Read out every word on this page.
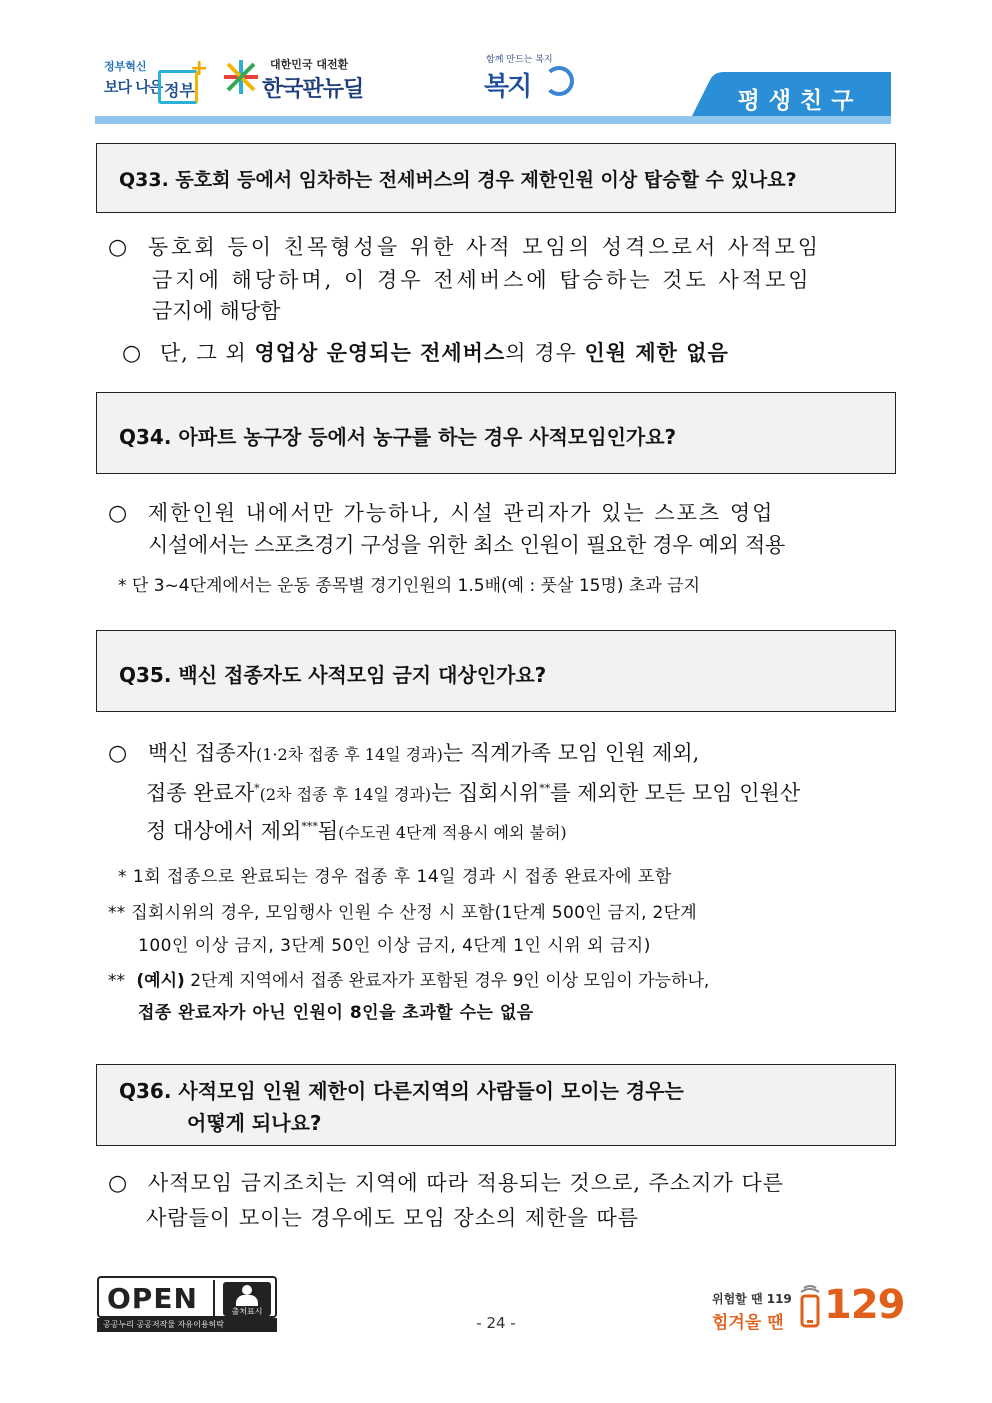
정부혁신
보다 나은 정부
+	대한민국 대전환
한국판뉴딜
함께 만드는 복지
복지	평생친구
Q33. 동호회 등에서 임차하는 전세버스의 경우 제한인원 이상 탑승할 수 있나요?
○ 동호회 등이 친목형성을 위한 사적 모임의 성격으로서 사적모임
금지에 해당하며, 이 경우 전세버스에 탑승하는 것도 사적모임
금지에 해당함
○ 단, 그 외 영업상 운영되는 전세버스의 경우 인원 제한 없음
Q34. 아파트 농구장 등에서 농구를 하는 경우 사적모임인가요?
○ 제한인원 내에서만 가능하나, 시설 관리자가 있는 스포츠 영업
시설에서는 스포츠경기 구성을 위한 최소 인원이 필요한 경우 예외 적용
* 단 3~4단계에서는 운동 종목별 경기인원의 1.5배(예 : 풋살 15명) 초과 금지
Q35. 백신 접종자도 사적모임 금지 대상인가요?
○ 백신 접종자(1·2차 접종 후 14일 경과)는 직계가족 모임 인원 제외,
접종 완료자*(2차 접종 후 14일 경과)는 집회시위**를 제외한 모든 모임 인원산
정 대상에서 제외***됨(수도권 4단계 적용시 예외 불허)
* 1회 접종으로 완료되는 경우 접종 후 14일 경과 시 접종 완료자에 포함
** 집회시위의 경우, 모임행사 인원 수 산정 시 포함(1단계 500인 금지, 2단계
100인 이상 금지, 3단계 50인 이상 금지, 4단계 1인 시위 외 금지)
** (예시) 2단계 지역에서 접종 완료자가 포함된 경우 9인 이상 모임이 가능하나,
접종 완료자가 아닌 인원이 8인을 초과할 수는 없음
Q36. 사적모임 인원 제한이 다른지역의 사람들이 모이는 경우는
어떻게 되나요?
○ 사적모임 금지조치는 지역에 따라 적용되는 것으로, 주소지가 다른
사람들이 모이는 경우에도 모임 장소의 제한을 따름
OPEN	출처표시
공공누리 공공저작물 자유이용허락	- 24 -
위험할 땐 119
힘겨울 땐 129
